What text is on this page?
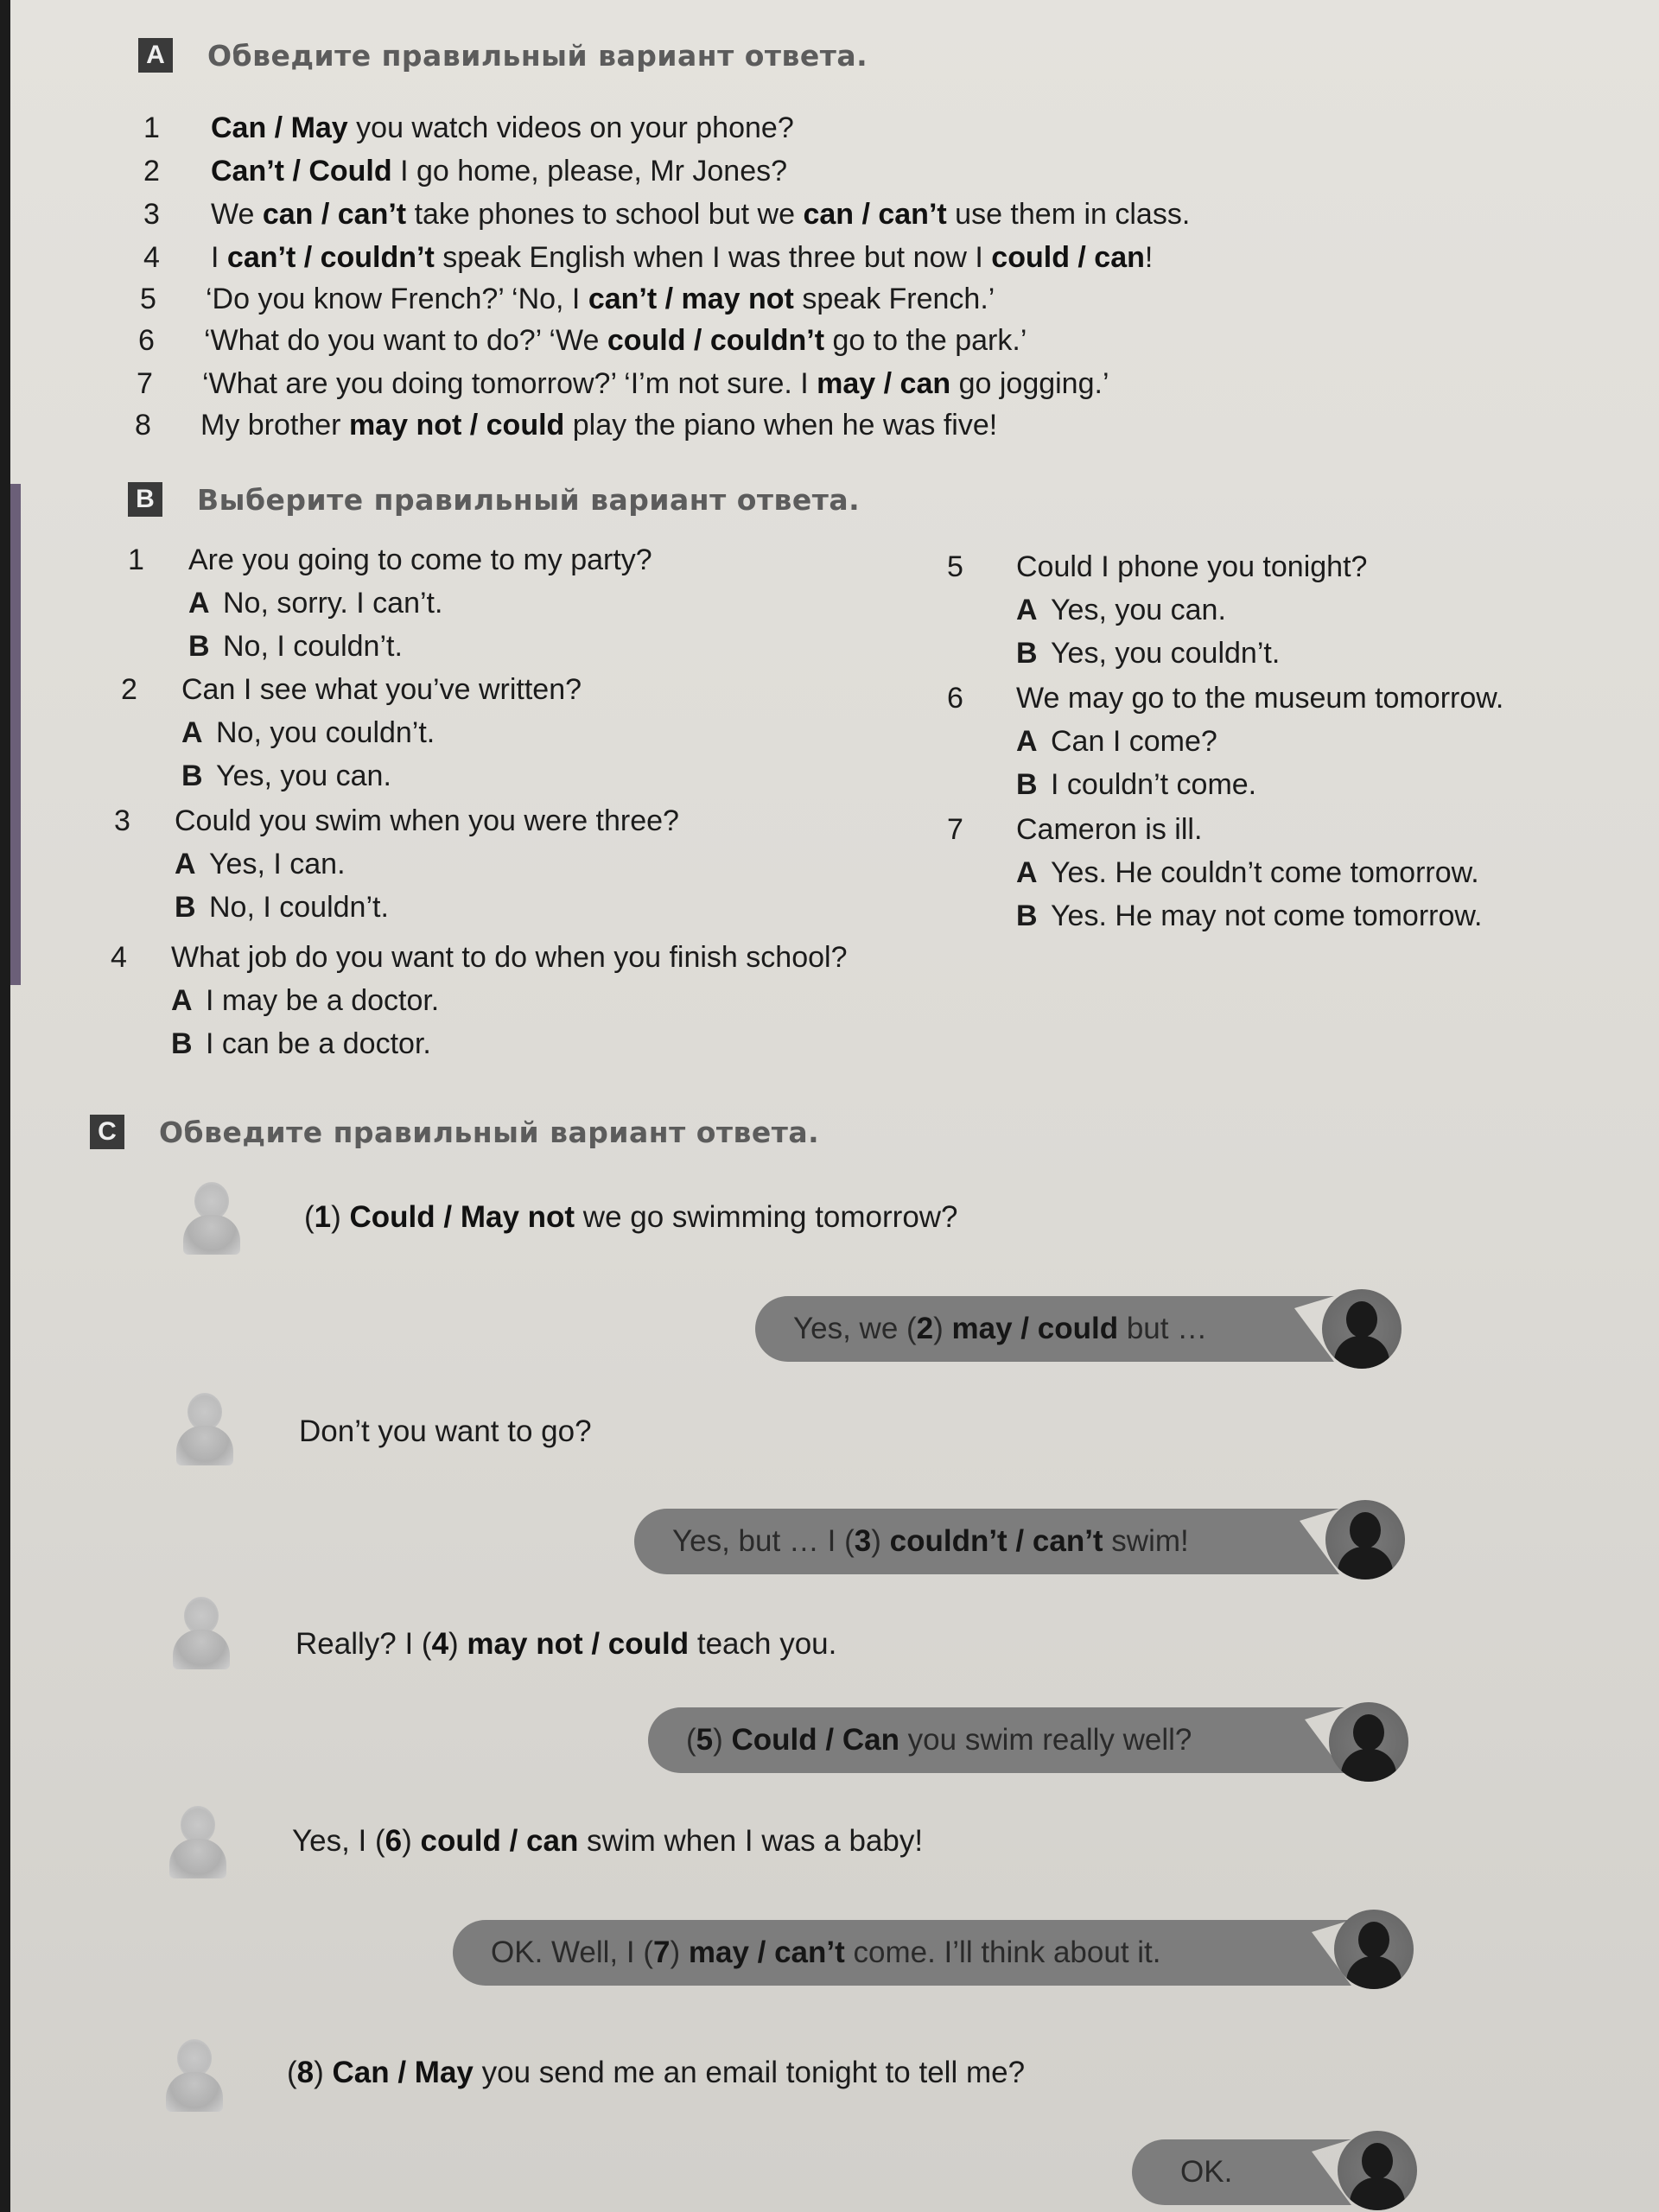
A Обведите правильный вариант ответа.
1	Can / May you watch videos on your phone?
2	Can’t / Could I go home, please, Mr Jones?
3	We can / can’t take phones to school but we can / can’t use them in class.
4	I can’t / couldn’t speak English when I was three but now I could / can!
5	‘Do you know French?’ ‘No, I can’t / may not speak French.’
6	‘What do you want to do?’ ‘We could / couldn’t go to the park.’
7	‘What are you doing tomorrow?’ ‘I’m not sure. I may / can go jogging.’
8	My brother may not / could play the piano when he was five!
B Выберите правильный вариант ответа.
1 Are you going to come to my party?
A No, sorry. I can’t.
B No, I couldn’t.
2 Can I see what you’ve written?
A No, you couldn’t.
B Yes, you can.
3 Could you swim when you were three?
A Yes, I can.
B No, I couldn’t.
4 What job do you want to do when you finish school?
A I may be a doctor.
B I can be a doctor.
5 Could I phone you tonight?
A Yes, you can.
B Yes, you couldn’t.
6 We may go to the museum tomorrow.
A Can I come?
B I couldn’t come.
7 Cameron is ill.
A Yes. He couldn’t come tomorrow.
B Yes. He may not come tomorrow.
C Обведите правильный вариант ответа.
(1) Could / May not we go swimming tomorrow?
Yes, we (2) may / could but …
Don’t you want to go?
Yes, but … I (3) couldn’t / can’t swim!
Really? I (4) may not / could teach you.
(5) Could / Can you swim really well?
Yes, I (6) could / can swim when I was a baby!
OK. Well, I (7) may / can’t come. I’ll think about it.
(8) Can / May you send me an email tonight to tell me?
OK.
